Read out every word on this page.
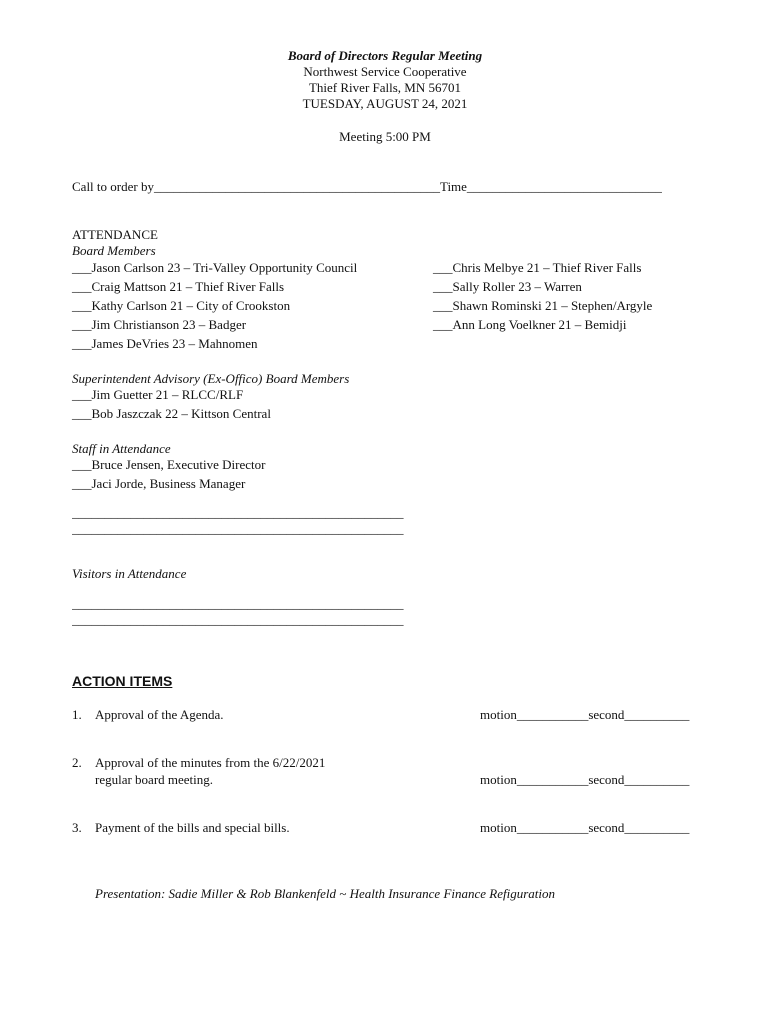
Board of Directors Regular Meeting
Northwest Service Cooperative
Thief River Falls, MN 56701
TUESDAY, AUGUST 24, 2021
Meeting 5:00 PM
Call to order by____________________________________________Time______________________________
ATTENDANCE
Board Members
___Jason Carlson 23 – Tri-Valley Opportunity Council
___Craig Mattson 21 – Thief River Falls
___Kathy Carlson 21 – City of Crookston
___Jim Christianson 23 – Badger
___James DeVries 23 – Mahnomen
___Chris Melbye 21 – Thief River Falls
___Sally Roller 23 – Warren
___Shawn Rominski 21 – Stephen/Argyle
___Ann Long Voelkner 21 – Bemidji
Superintendent Advisory (Ex-Offico) Board Members
___Jim Guetter 21 – RLCC/RLF
___Bob Jaszczak 22 – Kittson Central
Staff in Attendance
___Bruce Jensen, Executive Director
___Jaci Jorde, Business Manager
___________________________________________________
___________________________________________________
Visitors in Attendance
___________________________________________________
___________________________________________________
ACTION ITEMS
1. Approval of the Agenda.	motion___________second__________
2. Approval of the minutes from the 6/22/2021
regular board meeting.	motion___________second__________
3. Payment of the bills and special bills.	motion___________second__________
Presentation: Sadie Miller & Rob Blankenfeld ~ Health Insurance Finance Refiguration
